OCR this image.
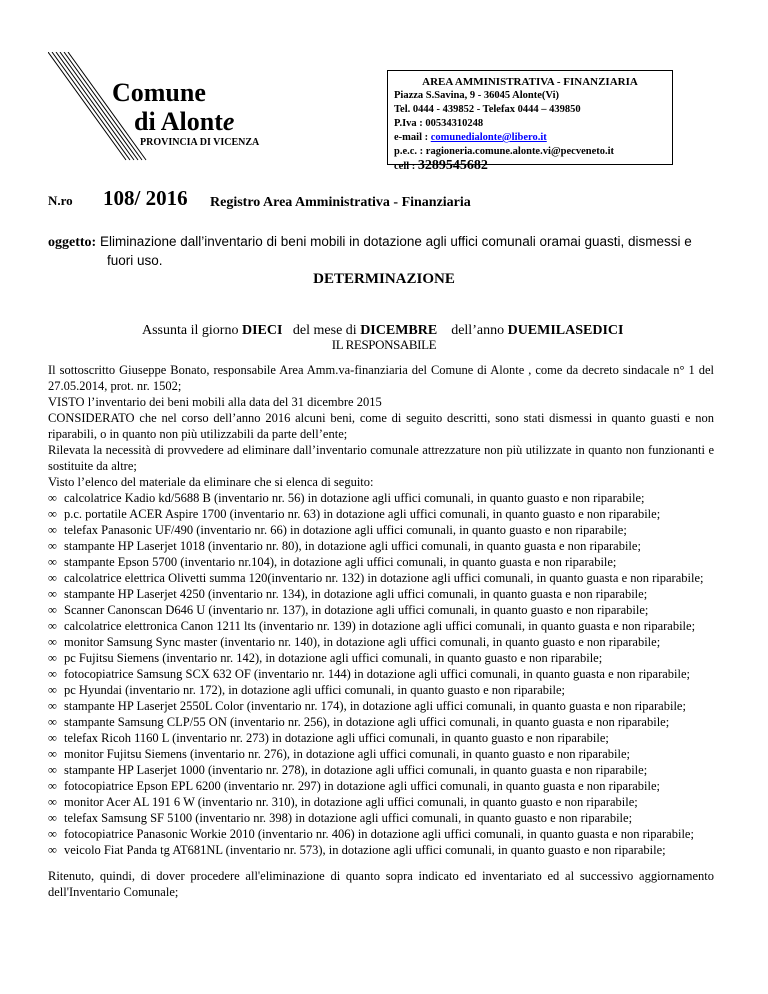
Comune
di Alonte
PROVINCIA DI VICENZA
AREA AMMINISTRATIVA - FINANZIARIA
Piazza S.Savina, 9 - 36045 Alonte(Vi)
Tel. 0444 - 439852 - Telefax 0444 – 439850
P.Iva : 00534310248
e-mail : comunedialonte@libero.it
p.e.c. : ragioneria.comune.alonte.vi@pecveneto.it
cell : 3289545682
N.ro 108/ 2016 Registro Area Amministrativa - Finanziaria
oggetto: Eliminazione dall’inventario di beni mobili in dotazione agli uffici comunali oramai guasti, dismessi e
fuori uso.
DETERMINAZIONE

Assunta il giorno DIECI   del mese di DICEMBRE    dell’anno DUEMILASEDICI
IL RESPONSABILE

Il sottoscritto Giuseppe Bonato, responsabile Area Amm.va-finanziaria del Comune di Alonte , come da decreto sindacale n° 1 del 27.05.2014, prot. nr. 1502;

VISTO l’inventario dei beni mobili alla data del 31 dicembre 2015

CONSIDERATO che nel corso dell’anno 2016 alcuni beni, come di seguito descritti, sono stati dismessi in quanto guasti e non riparabili, o in quanto non più utilizzabili da parte dell’ente;

Rilevata la necessità di provvedere ad eliminare dall’inventario comunale attrezzature non più utilizzate in quanto non funzionanti e sostituite da altre;

Visto l’elenco del materiale da eliminare che si elenca di seguito:

∞ calcolatrice Kadio kd/5688 B (inventario nr. 56) in dotazione agli uffici comunali, in quanto guasto e non riparabile;
∞ p.c. portatile ACER Aspire 1700 (inventario nr. 63) in dotazione agli uffici comunali, in quanto guasto e non riparabile;
∞ telefax Panasonic UF/490 (inventario nr. 66) in dotazione agli uffici comunali, in quanto guasto e non riparabile;
∞ stampante HP Laserjet 1018 (inventario nr. 80), in dotazione agli uffici comunali, in quanto guasta e non riparabile;
∞ stampante Epson 5700 (inventario nr.104), in dotazione agli uffici comunali, in quanto guasta e non riparabile;
∞ calcolatrice elettrica Olivetti summa 120(inventario nr. 132) in dotazione agli uffici comunali, in quanto guasta e non riparabile;
∞ stampante HP Laserjet 4250 (inventario nr. 134), in dotazione agli uffici comunali, in quanto guasta e non riparabile;
∞ Scanner Canonscan D646 U (inventario nr. 137), in dotazione agli uffici comunali, in quanto guasto e non riparabile;
∞ calcolatrice elettronica Canon 1211 lts (inventario nr. 139) in dotazione agli uffici comunali, in quanto guasta e non riparabile;
∞ monitor Samsung Sync master (inventario nr. 140), in dotazione agli uffici comunali, in quanto guasto e non riparabile;
∞ pc Fujitsu Siemens (inventario nr. 142), in dotazione agli uffici comunali, in quanto guasto e non riparabile;
∞ fotocopiatrice Samsung SCX 632 OF (inventario nr. 144) in dotazione agli uffici comunali, in quanto guasta e non riparabile;
∞ pc Hyundai (inventario nr. 172), in dotazione agli uffici comunali, in quanto guasto e non riparabile;
∞ stampante HP Laserjet 2550L Color (inventario nr. 174), in dotazione agli uffici comunali, in quanto guasta e non riparabile;
∞ stampante Samsung CLP/55 ON (inventario nr. 256), in dotazione agli uffici comunali, in quanto guasta e non riparabile;
∞ telefax Ricoh 1160 L (inventario nr. 273) in dotazione agli uffici comunali, in quanto guasto e non riparabile;
∞ monitor Fujitsu Siemens (inventario nr. 276), in dotazione agli uffici comunali, in quanto guasto e non riparabile;
∞ stampante HP Laserjet 1000 (inventario nr. 278), in dotazione agli uffici comunali, in quanto guasta e non riparabile;
∞ fotocopiatrice Epson EPL 6200 (inventario nr. 297) in dotazione agli uffici comunali, in quanto guasta e non riparabile;
∞ monitor Acer AL 191 6 W (inventario nr. 310), in dotazione agli uffici comunali, in quanto guasto e non riparabile;
∞ telefax Samsung SF 5100 (inventario nr. 398) in dotazione agli uffici comunali, in quanto guasto e non riparabile;
∞ fotocopiatrice Panasonic Workie 2010 (inventario nr. 406) in dotazione agli uffici comunali, in quanto guasta e non riparabile;
∞ veicolo Fiat Panda tg AT681NL (inventario nr. 573), in dotazione agli uffici comunali, in quanto guasto e non riparabile;

Ritenuto, quindi, di dover procedere all'eliminazione di quanto sopra indicato ed inventariato ed al successivo aggiornamento dell'Inventario Comunale;
